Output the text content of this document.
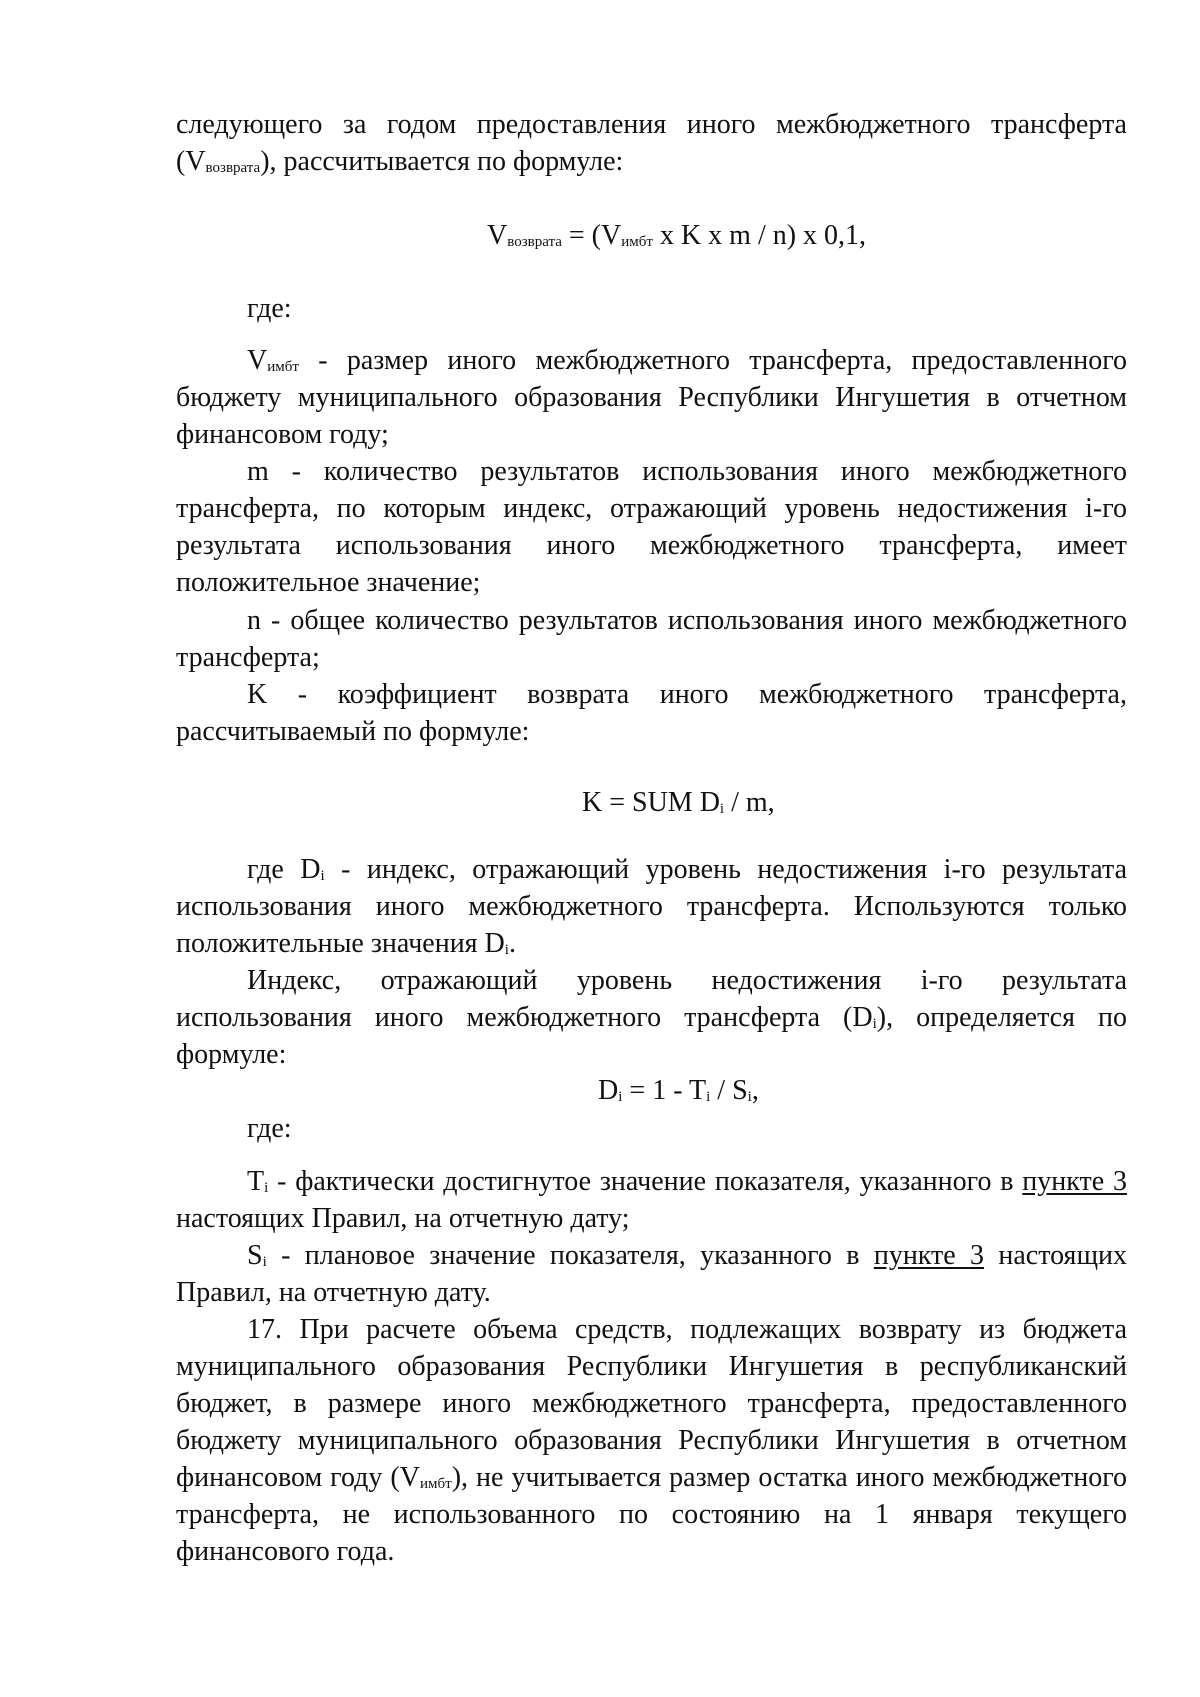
следующего за годом предоставления иного межбюджетного трансферта (Vвозврата), рассчитывается по формуле:
Vвозврата = (Vимбт x K x m / n) x 0,1,
где:
Vимбт - размер иного межбюджетного трансферта, предоставленного бюджету муниципального образования Республики Ингушетия в отчетном финансовом году;
m - количество результатов использования иного межбюджетного трансферта, по которым индекс, отражающий уровень недостижения i-го результата использования иного межбюджетного трансферта, имеет положительное значение;
n - общее количество результатов использования иного межбюджетного трансферта;
K - коэффициент возврата иного межбюджетного трансферта, рассчитываемый по формуле:
K = SUM Di / m,
где Di - индекс, отражающий уровень недостижения i-го результата использования иного межбюджетного трансферта. Используются только положительные значения Di.
Индекс, отражающий уровень недостижения i-го результата использования иного межбюджетного трансферта (Di), определяется по формуле:
Di = 1 - Ti / Si,
где:
Ti - фактически достигнутое значение показателя, указанного в пункте 3 настоящих Правил, на отчетную дату;
Si - плановое значение показателя, указанного в пункте 3 настоящих Правил, на отчетную дату.
17. При расчете объема средств, подлежащих возврату из бюджета муниципального образования Республики Ингушетия в республиканский бюджет, в размере иного межбюджетного трансферта, предоставленного бюджету муниципального образования Республики Ингушетия в отчетном финансовом году (Vимбт), не учитывается размер остатка иного межбюджетного трансферта, не использованного по состоянию на 1 января текущего финансового года.
